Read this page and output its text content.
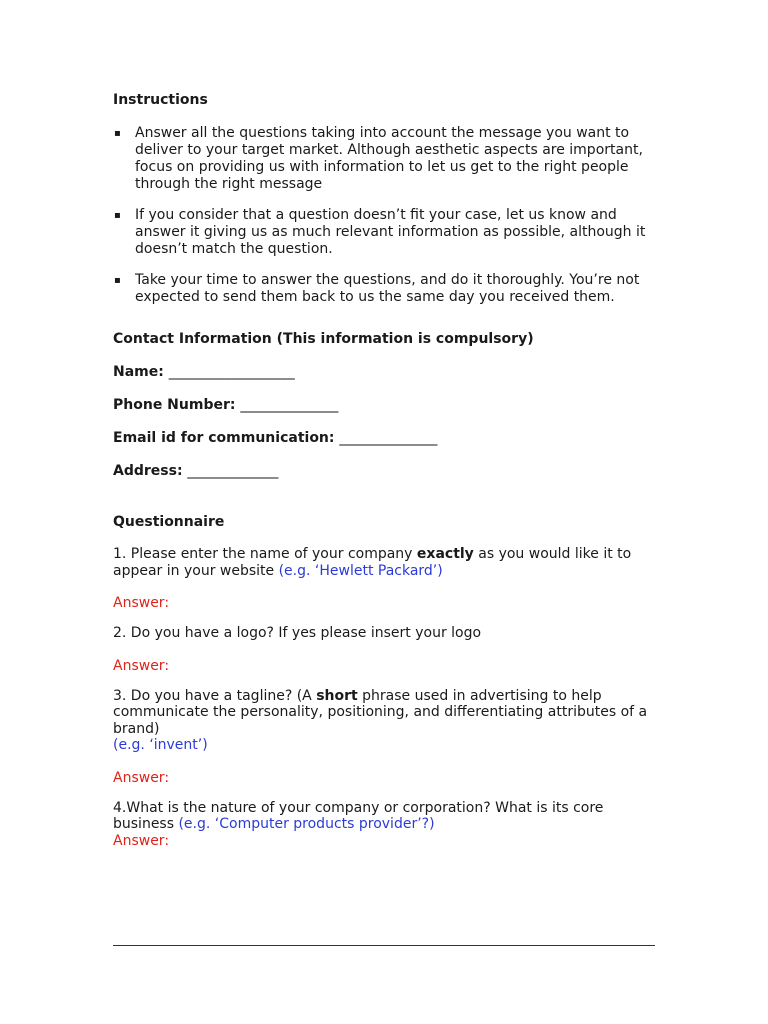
Instructions

▪ Answer all the questions taking into account the message you want to deliver to your target market. Although aesthetic aspects are important, focus on providing us with information to let us get to the right people through the right message
▪ If you consider that a question doesn’t fit your case, let us know and answer it giving us as much relevant information as possible, although it doesn’t match the question.
▪ Take your time to answer the questions, and do it thoroughly. You’re not expected to send them back to us the same day you received them.

Contact Information (This information is compulsory)

Name: __________________
Phone Number: ______________
Email id for communication: ______________
Address: _____________

Questionnaire

1. Please enter the name of your company exactly as you would like it to appear in your website (e.g. ‘Hewlett Packard’)
Answer:
2. Do you have a logo? If yes please insert your logo
Answer:
3. Do you have a tagline? (A short phrase used in advertising to help communicate the personality, positioning, and differentiating attributes of a brand)
(e.g. ‘invent’)
Answer:
4.What is the nature of your company or corporation? What is its core business (e.g. ‘Computer products provider’?)
Answer:
